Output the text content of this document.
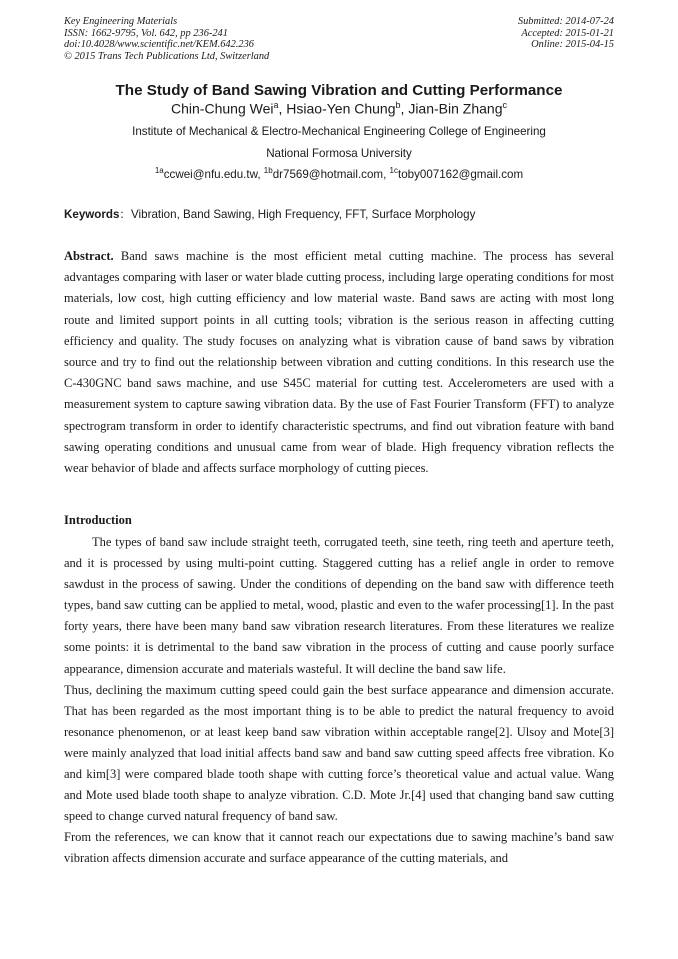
Key Engineering Materials
ISSN: 1662-9795, Vol. 642, pp 236-241
doi:10.4028/www.scientific.net/KEM.642.236
© 2015 Trans Tech Publications Ltd, Switzerland
Submitted: 2014-07-24
Accepted: 2015-01-21
Online: 2015-04-15
The Study of Band Sawing Vibration and Cutting Performance
Chin-Chung Wei$^a$, Hsiao-Yen Chung$^b$, Jian-Bin Zhang$^c$
Institute of Mechanical & Electro-Mechanical Engineering College of Engineering
National Formosa University
$^{1a}$ccwei@nfu.edu.tw, $^{1b}$dr7569@hotmail.com, $^{1c}$toby007162@gmail.com
Keywords：Vibration, Band Sawing, High Frequency, FFT, Surface Morphology
Abstract. Band saws machine is the most efficient metal cutting machine. The process has several advantages comparing with laser or water blade cutting process, including large operating conditions for most materials, low cost, high cutting efficiency and low material waste. Band saws are acting with most long route and limited support points in all cutting tools; vibration is the serious reason in affecting cutting efficiency and quality. The study focuses on analyzing what is vibration cause of band saws by vibration source and try to find out the relationship between vibration and cutting conditions. In this research use the C-430GNC band saws machine, and use S45C material for cutting test. Accelerometers are used with a measurement system to capture sawing vibration data. By the use of Fast Fourier Transform (FFT) to analyze spectrogram transform in order to identify characteristic spectrums, and find out vibration feature with band sawing operating conditions and unusual came from wear of blade. High frequency vibration reflects the wear behavior of blade and affects surface morphology of cutting pieces.
Introduction

The types of band saw include straight teeth, corrugated teeth, sine teeth, ring teeth and aperture teeth, and it is processed by using multi-point cutting. Staggered cutting has a relief angle in order to remove sawdust in the process of sawing. Under the conditions of depending on the band saw with difference teeth types, band saw cutting can be applied to metal, wood, plastic and even to the wafer processing[1]. In the past forty years, there have been many band saw vibration research literatures. From these literatures we realize some points: it is detrimental to the band saw vibration in the process of cutting and cause poorly surface appearance, dimension accurate and materials wasteful. It will decline the band saw life.

Thus, declining the maximum cutting speed could gain the best surface appearance and dimension accurate. That has been regarded as the most important thing is to be able to predict the natural frequency to avoid resonance phenomenon, or at least keep band saw vibration within acceptable range[2]. Ulsoy and Mote[3] were mainly analyzed that load initial affects band saw and band saw cutting speed affects free vibration. Ko and kim[3] were compared blade tooth shape with cutting force’s theoretical value and actual value. Wang and Mote used blade tooth shape to analyze vibration. C.D. Mote Jr.[4] used that changing band saw cutting speed to change curved natural frequency of band saw.

From the references, we can know that it cannot reach our expectations due to sawing machine’s band saw vibration affects dimension accurate and surface appearance of the cutting materials, and
